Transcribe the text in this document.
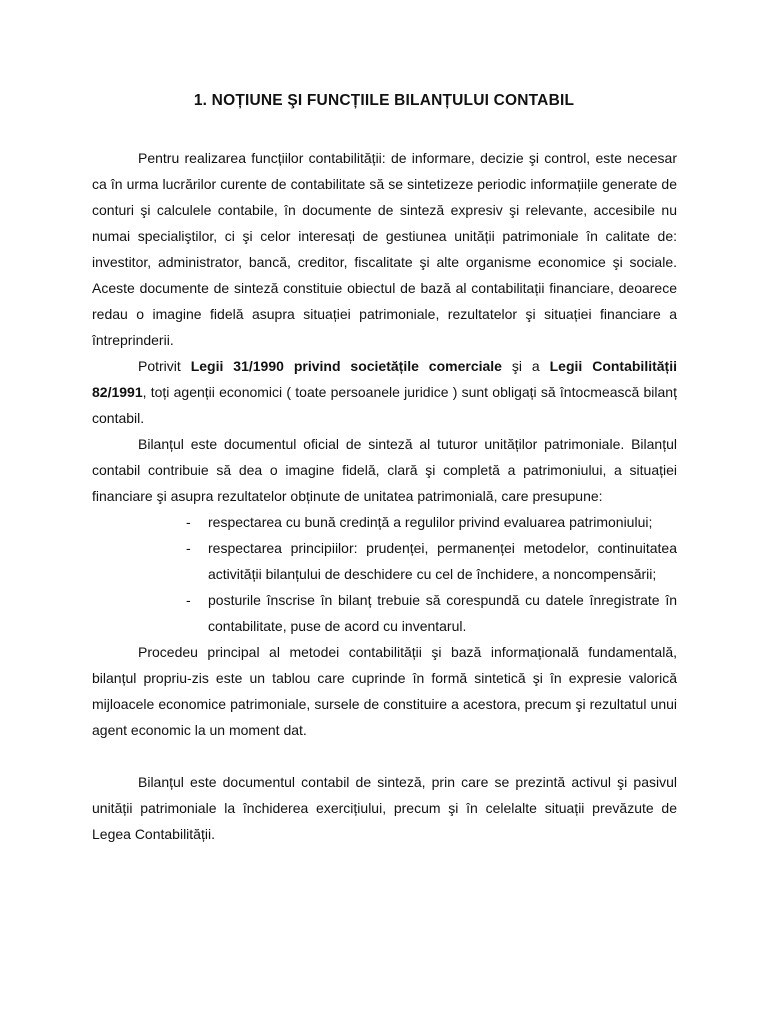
1. NOȚIUNE ŞI FUNCȚIILE BILANȚULUI CONTABIL

Pentru realizarea funcțiilor contabilității: de informare, decizie şi control, este necesar ca în urma lucrărilor curente de contabilitate să se sintetizeze periodic informațiile generate de conturi şi calculele contabile, în documente de sinteză expresiv şi relevante, accesibile nu numai specialiştilor, ci şi celor interesați de gestiunea unității patrimoniale în calitate de: investitor, administrator, bancă, creditor, fiscalitate şi alte organisme economice şi sociale. Aceste documente de sinteză constituie obiectul de bază al contabilitații financiare, deoarece redau o imagine fidelă asupra situației patrimoniale, rezultatelor şi situației financiare a întreprinderii.

Potrivit Legii 31/1990 privind societățile comerciale şi a Legii Contabilității 82/1991, toți agenții economici ( toate persoanele juridice ) sunt obligați să întocmească bilanț contabil.

Bilanțul este documentul oficial de sinteză al tuturor unităților patrimoniale. Bilanțul contabil contribuie să dea o imagine fidelă, clară şi completă a patrimoniului, a situației financiare şi asupra rezultatelor obținute de unitatea patrimonială, care presupune:

- respectarea cu bună credință a regulilor privind evaluarea patrimoniului;
- respectarea principiilor: prudenței, permanenței metodelor, continuitatea activității bilanțului de deschidere cu cel de închidere, a noncompensării;
- posturile înscrise în bilanț trebuie să corespundă cu datele înregistrate în contabilitate, puse de acord cu inventarul.

Procedeu principal al metodei contabilității şi bază informațională fundamentală, bilanțul propriu-zis este un tablou care cuprinde în formă sintetică şi în expresie valorică mijloacele economice patrimoniale, sursele de constituire a acestora, precum şi rezultatul unui agent economic la un moment dat.

Bilanțul este documentul contabil de sinteză, prin care se prezintă activul şi pasivul unității patrimoniale la închiderea exercițiului, precum şi în celelalte situații prevăzute de Legea Contabilității.
